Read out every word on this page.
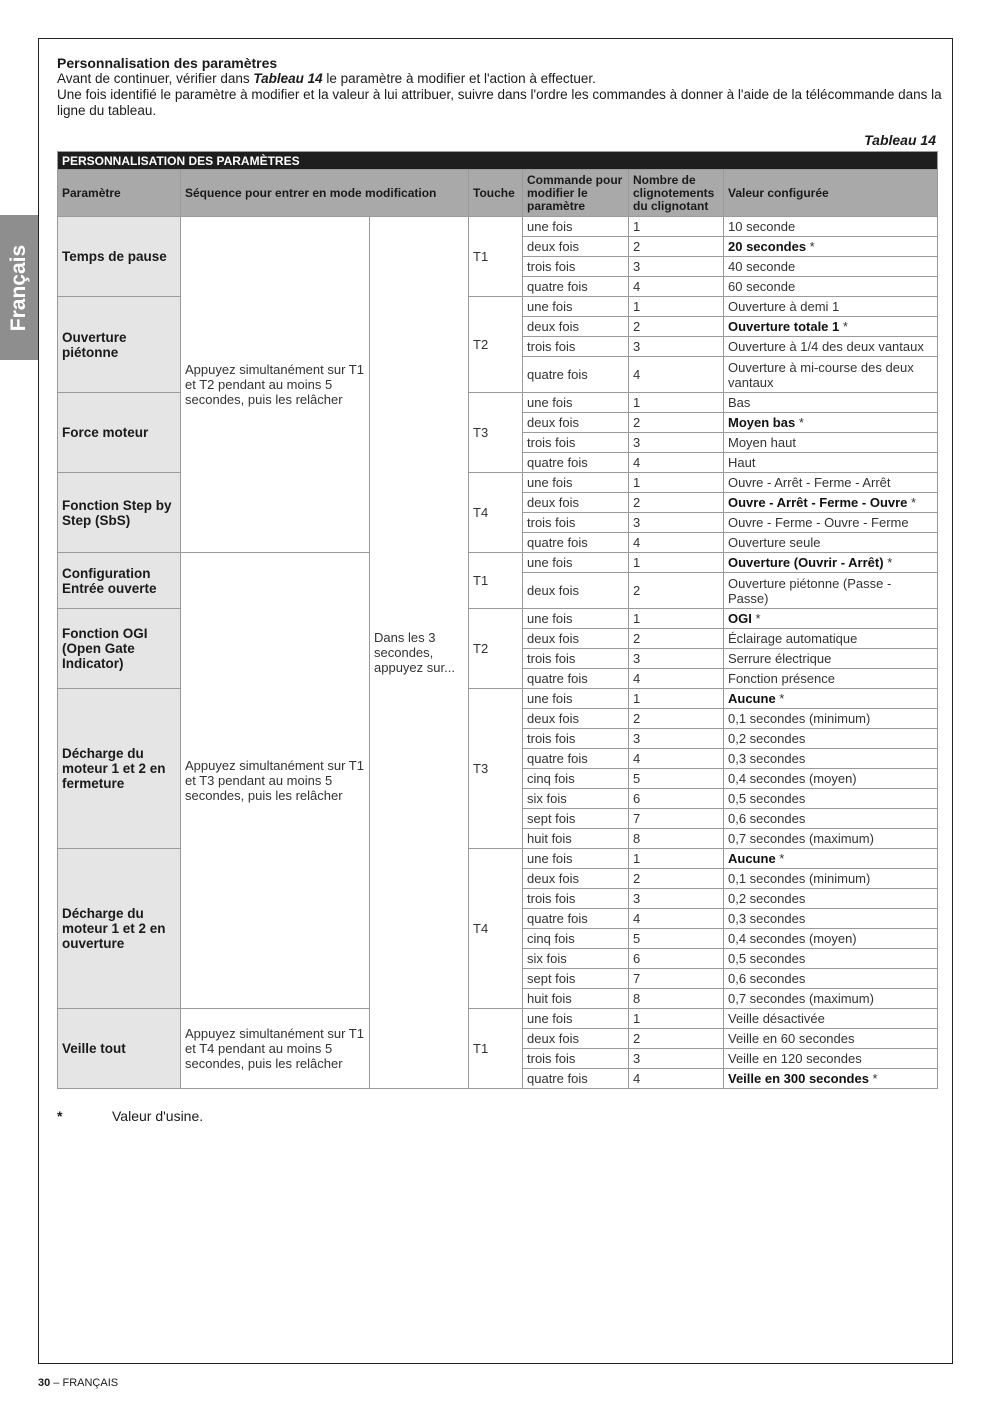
Français

Personnalisation des paramètres

Avant de continuer, vérifier dans Tableau 14 le paramètre à modifier et l'action à effectuer.

Une fois identifié le paramètre à modifier et la valeur à lui attribuer, suivre dans l'ordre les commandes à donner à l'aide de la télécommande dans la ligne du tableau.

Tableau 14
PERSONNALISATION DES PARAMÈTRES						
Paramètre	Séquence pour entrer en mode modification		Touche	Commande pour modifier le paramètre	Nombre de clignotements du clignotant	Valeur configurée
Temps de pause	Appuyez simultanément sur T1 et T2 pendant au moins 5 secondes, puis les relâcher	Dans les 3 secondes, appuyez sur...	T1	une fois	1	10 seconde
				deux fois	2	20 secondes *
				trois fois	3	40 seconde
				quatre fois	4	60 seconde
Ouverture piétonne			T2	une fois	1	Ouverture à demi 1
				deux fois	2	Ouverture totale 1 *
				trois fois	3	Ouverture à 1/4 des deux vantaux
				quatre fois	4	Ouverture à mi-course des deux vantaux
Force moteur			T3	une fois	1	Bas
				deux fois	2	Moyen bas *
				trois fois	3	Moyen haut
				quatre fois	4	Haut
Fonction Step by Step (SbS)			T4	une fois	1	Ouvre - Arrêt - Ferme - Arrêt
				deux fois	2	Ouvre - Arrêt - Ferme - Ouvre *
				trois fois	3	Ouvre - Ferme - Ouvre - Ferme
				quatre fois	4	Ouverture seule
Configuration Entrée ouverte	Appuyez simultanément sur T1 et T3 pendant au moins 5 secondes, puis les relâcher		T1	une fois	1	Ouverture (Ouvrir - Arrêt) *
				deux fois	2	Ouverture piétonne (Passe - Passe)
Fonction OGI (Open Gate Indicator)			T2	une fois	1	OGI *
				deux fois	2	Éclairage automatique
				trois fois	3	Serrure électrique
				quatre fois	4	Fonction présence
Décharge du moteur 1 et 2 en fermeture			T3	une fois	1	Aucune *
				deux fois	2	0,1 secondes (minimum)
				trois fois	3	0,2 secondes
				quatre fois	4	0,3 secondes
				cinq fois	5	0,4 secondes (moyen)
				six fois	6	0,5 secondes
				sept fois	7	0,6 secondes
				huit fois	8	0,7 secondes (maximum)
Décharge du moteur 1 et 2 en ouverture			T4	une fois	1	Aucune *
				deux fois	2	0,1 secondes (minimum)
				trois fois	3	0,2 secondes
				quatre fois	4	0,3 secondes
				cinq fois	5	0,4 secondes (moyen)
				six fois	6	0,5 secondes
				sept fois	7	0,6 secondes
				huit fois	8	0,7 secondes (maximum)
Veille tout	Appuyez simultanément sur T1 et T4 pendant au moins 5 secondes, puis les relâcher		T1	une fois	1	Veille désactivée
				deux fois	2	Veille en 60 secondes
				trois fois	3	Veille en 120 secondes
				quatre fois	4	Veille en 300 secondes *
*	Valeur d'usine.
30 – FRANÇAIS
